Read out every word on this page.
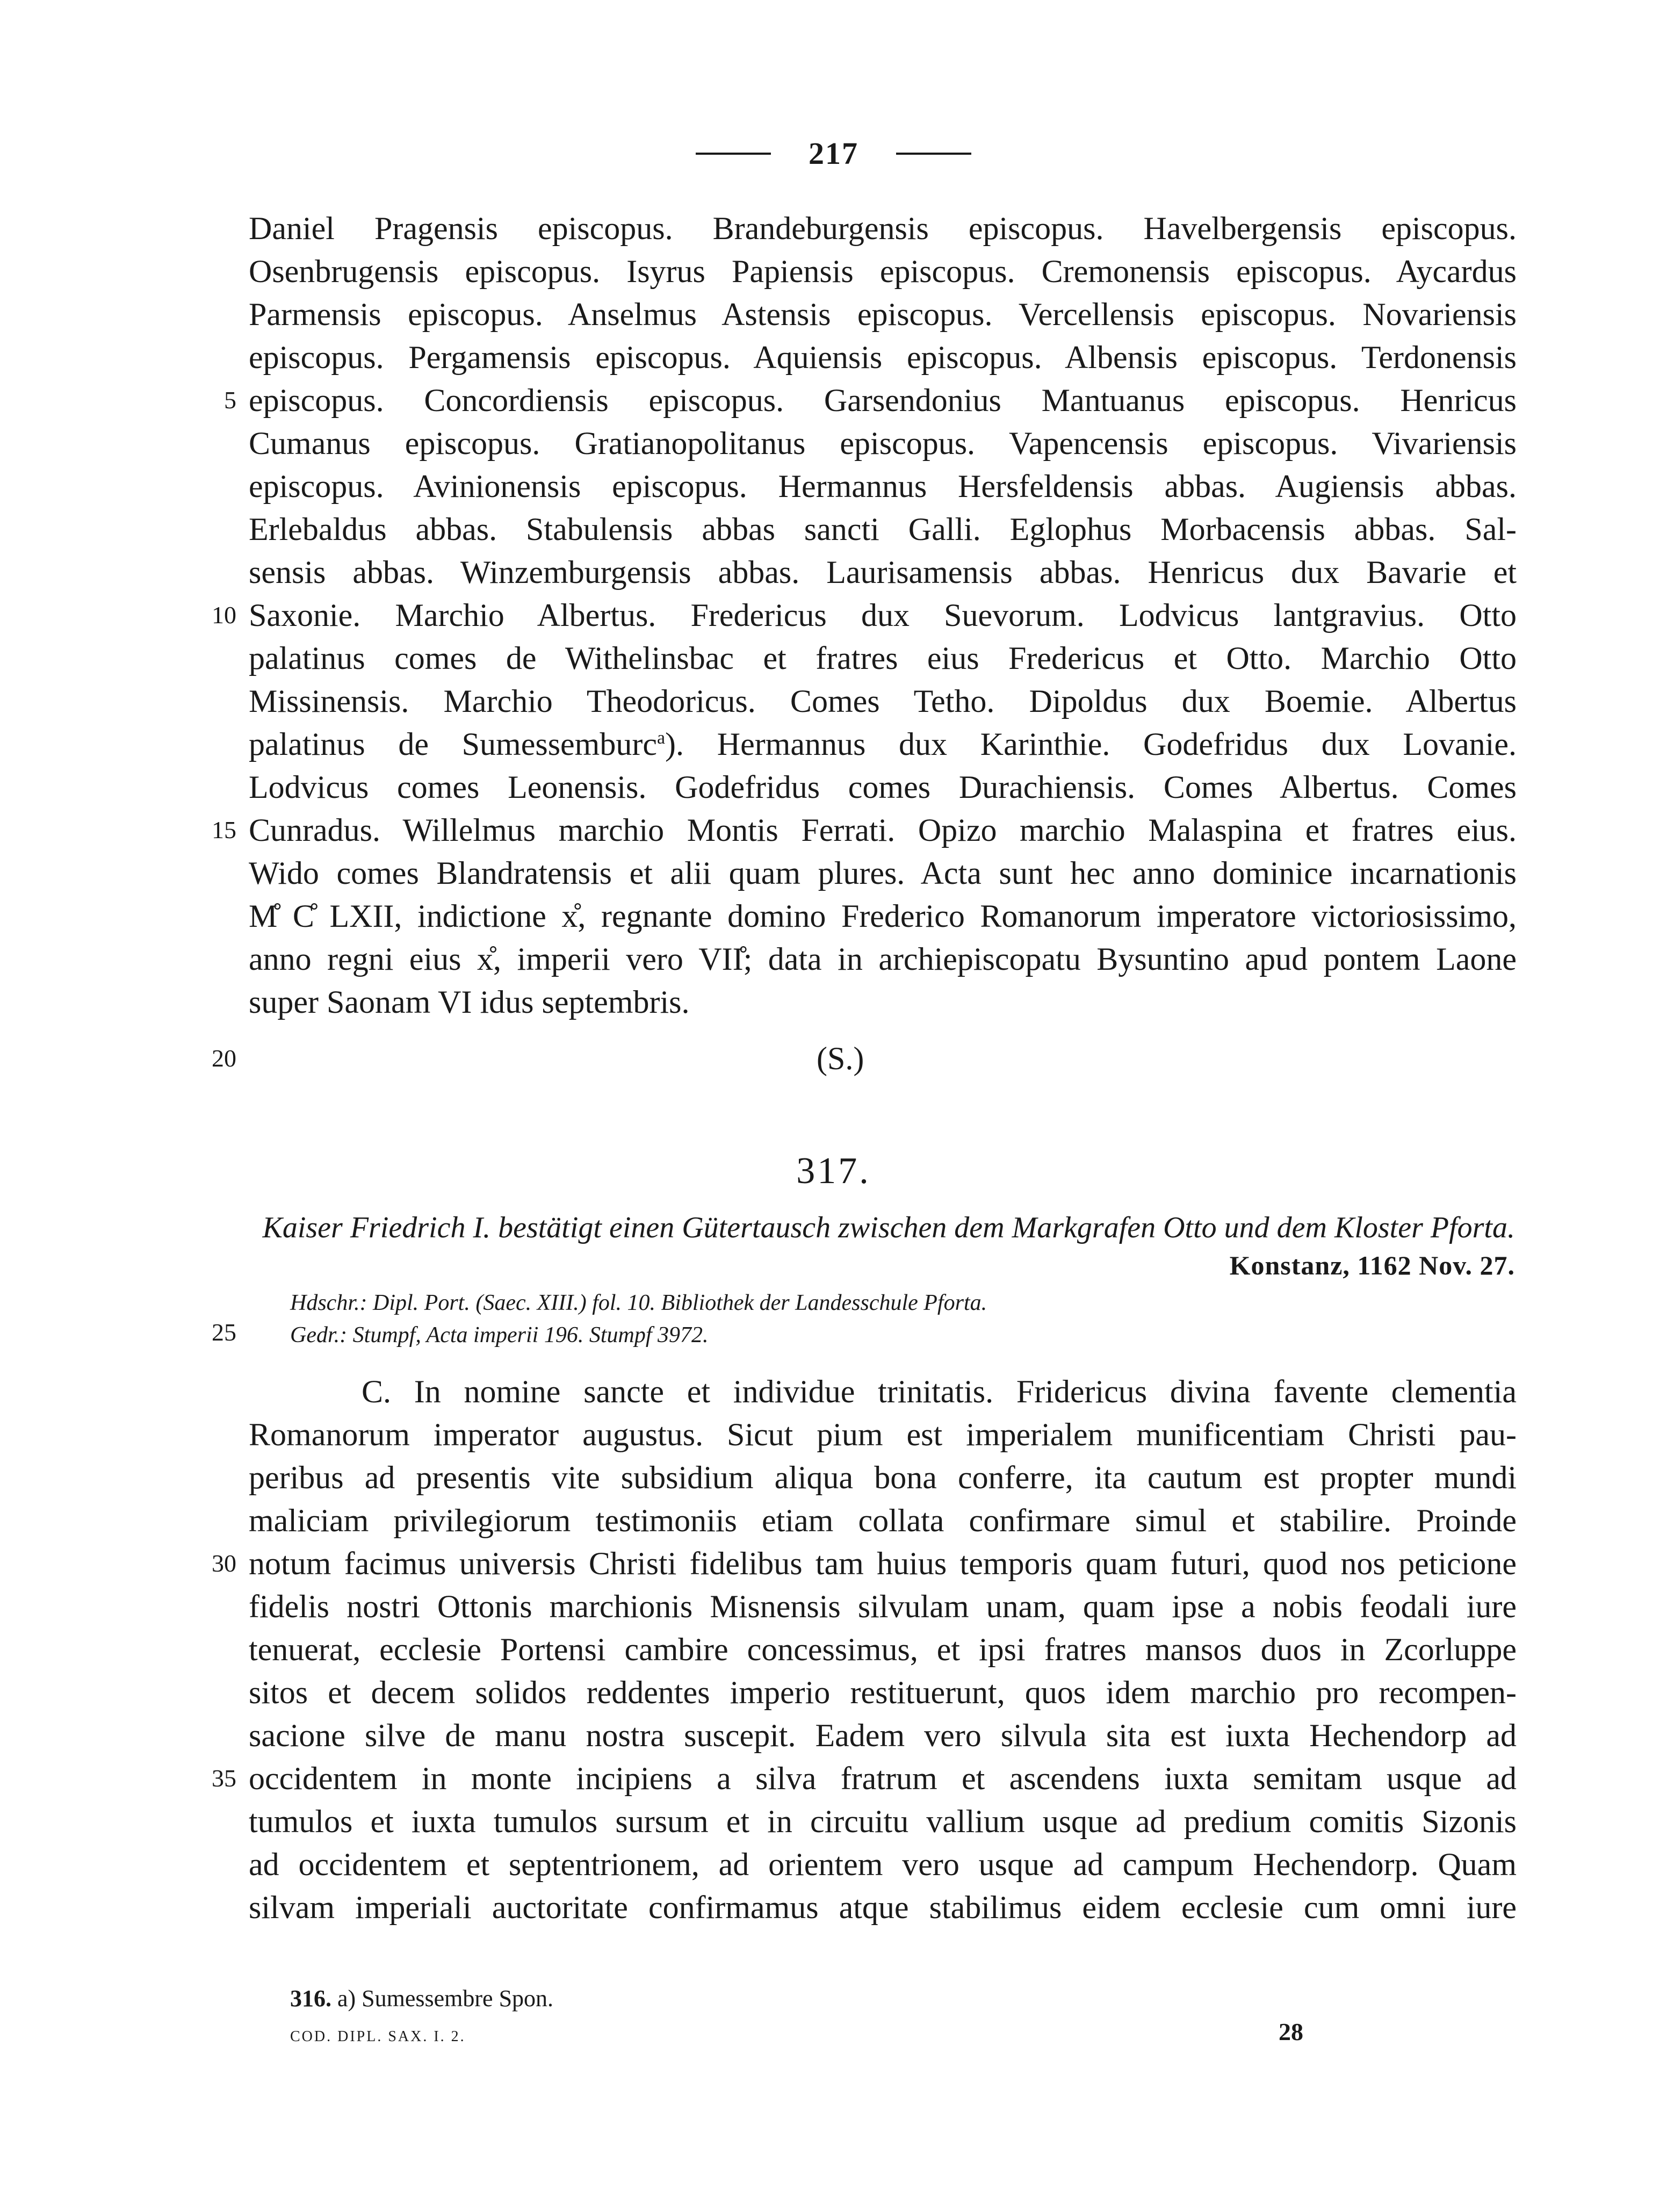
217
Daniel Pragensis episcopus. Brandeburgensis episcopus. Havelbergensis episcopus.
Osenbrugensis episcopus. Isyrus Papiensis episcopus. Cremonensis episcopus. Aycardus
Parmensis episcopus. Anselmus Astensis episcopus. Vercellensis episcopus. Novariensis
episcopus. Pergamensis episcopus. Aquiensis episcopus. Albensis episcopus. Terdonensis
episcopus. Concordiensis episcopus. Garsendonius Mantuanus episcopus. Henricus
Cumanus episcopus. Gratianopolitanus episcopus. Vapencensis episcopus. Vivariensis
episcopus. Avinionensis episcopus. Hermannus Hersfeldensis abbas. Augiensis abbas.
Erlebaldus abbas. Stabulensis abbas sancti Galli. Eglophus Morbacensis abbas. Sal-
sensis abbas. Winzemburgensis abbas. Laurisamensis abbas. Henricus dux Bavarie et
Saxonie. Marchio Albertus. Fredericus dux Suevorum. Lodvicus lantgravius. Otto
palatinus comes de Withelinsbac et fratres eius Fredericus et Otto. Marchio Otto
Missinensis. Marchio Theodoricus. Comes Tetho. Dipoldus dux Boemie. Albertus
palatinus de Sumessemburc$^a$). Hermannus dux Karinthie. Godefridus dux Lovanie.
Lodvicus comes Leonensis. Godefridus comes Durachiensis. Comes Albertus. Comes
Cunradus. Willelmus marchio Montis Ferrati. Opizo marchio Malaspina et fratres eius.
Wido comes Blandratensis et alii quam plures. Acta sunt hec anno dominice incarnationis
M̊ C̊ LXII, indictione x̊, regnante domino Frederico Romanorum imperatore victoriosissimo,
anno regni eius x̊, imperii vero VII̊; data in archiepiscopatu Bysuntino apud pontem Laone
super Saonam VI idus septembris.
(S.)
5
10
15
20
25
30
35
317.
Kaiser Friedrich I. bestätigt einen Gütertausch zwischen dem Markgrafen Otto und dem Kloster Pforta.
Konstanz, 1162 Nov. 27.
Hdschr.: Dipl. Port. (Saec. XIII.) fol. 10. Bibliothek der Landesschule Pforta.
Gedr.: Stumpf, Acta imperii 196. Stumpf 3972.
C. In nomine sancte et individue trinitatis. Fridericus divina favente clementia
Romanorum imperator augustus. Sicut pium est imperialem munificentiam Christi pau-
peribus ad presentis vite subsidium aliqua bona conferre, ita cautum est propter mundi
maliciam privilegiorum testimoniis etiam collata confirmare simul et stabilire. Proinde
notum facimus universis Christi fidelibus tam huius temporis quam futuri, quod nos peticione
fidelis nostri Ottonis marchionis Misnensis silvulam unam, quam ipse a nobis feodali iure
tenuerat, ecclesie Portensi cambire concessimus, et ipsi fratres mansos duos in Zcorluppe
sitos et decem solidos reddentes imperio restituerunt, quos idem marchio pro recompen-
sacione silve de manu nostra suscepit. Eadem vero silvula sita est iuxta Hechendorp ad
occidentem in monte incipiens a silva fratrum et ascendens iuxta semitam usque ad
tumulos et iuxta tumulos sursum et in circuitu vallium usque ad predium comitis Sizonis
ad occidentem et septentrionem, ad orientem vero usque ad campum Hechendorp. Quam
silvam imperiali auctoritate confirmamus atque stabilimus eidem ecclesie cum omni iure
316. a) Sumessembre Spon.
COD. DIPL. SAX. I. 2.	28
